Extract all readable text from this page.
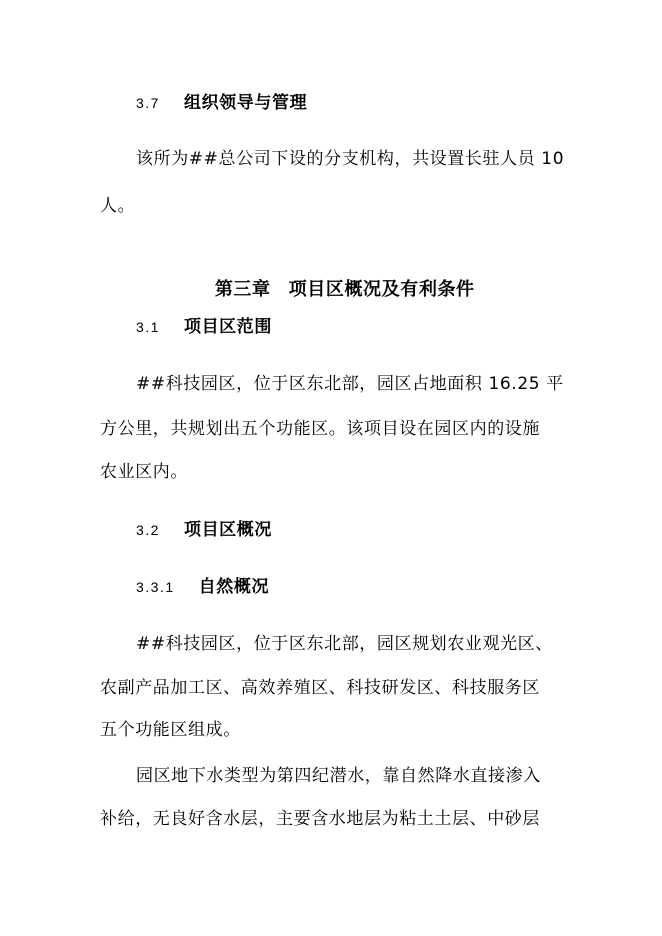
3.7 组织领导与管理
该所为##总公司下设的分支机构，共设置长驻人员 10
人。

第三章 项目区概况及有利条件

3.1 项目区范围
##科技园区，位于区东北部，园区占地面积 16.25 平
方公里，共规划出五个功能区。该项目设在园区内的设施
农业区内。
3.2 项目区概况
3.3.1 自然概况
##科技园区，位于区东北部，园区规划农业观光区、
农副产品加工区、高效养殖区、科技研发区、科技服务区
五个功能区组成。
园区地下水类型为第四纪潜水，靠自然降水直接渗入
补给，无良好含水层，主要含水地层为粘土土层、中砂层
